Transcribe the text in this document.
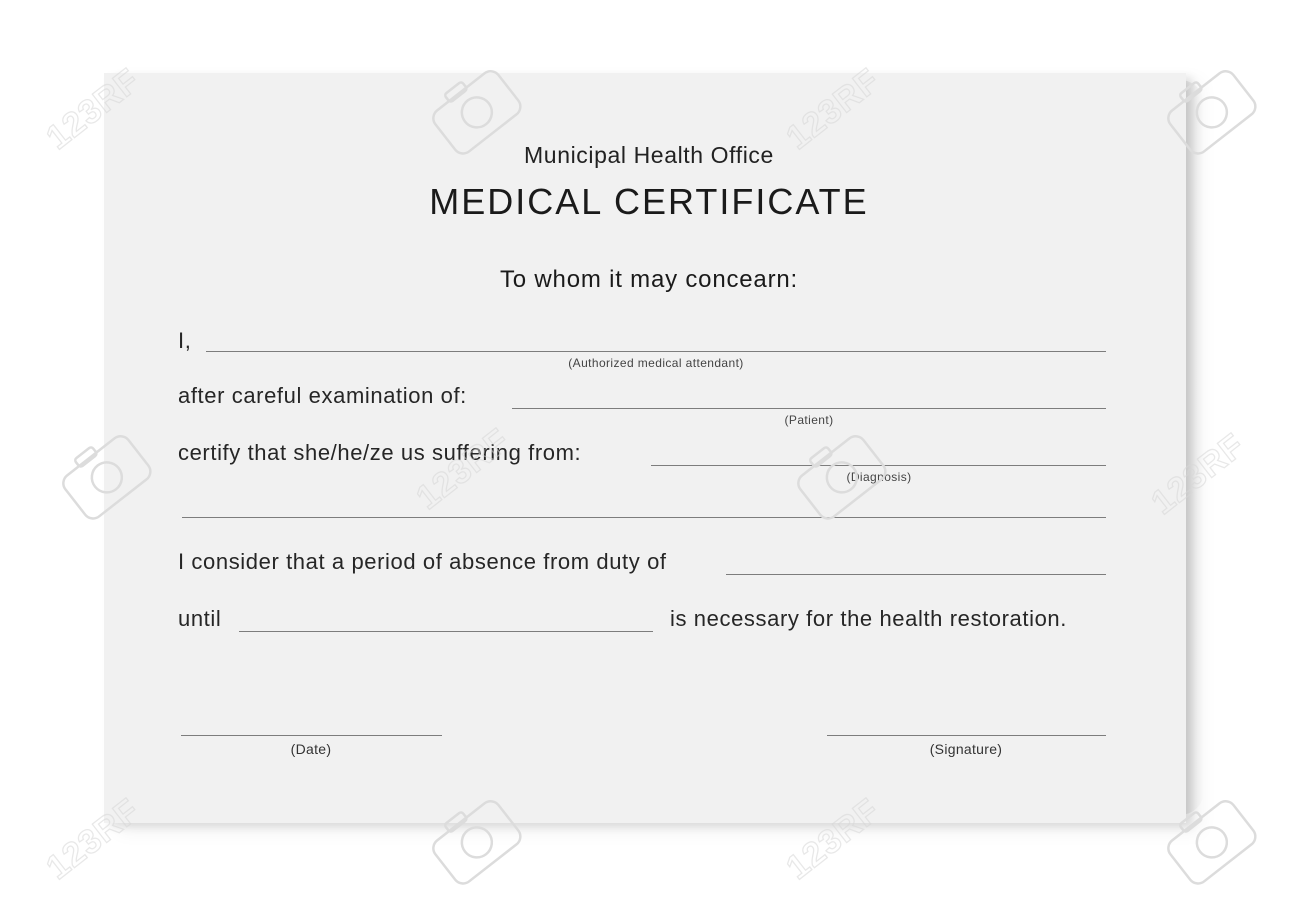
Municipal Health Office
MEDICAL CERTIFICATE
To whom it may concearn:
I,
(Authorized medical attendant)
after careful examination of:
(Patient)
certify that she/he/ze us suffering from:
(Diagnosis)
I consider that a period of absence from duty of
until	is necessary for the health restoration.
(Date)	(Signature)
123RF
123RF	123RF
